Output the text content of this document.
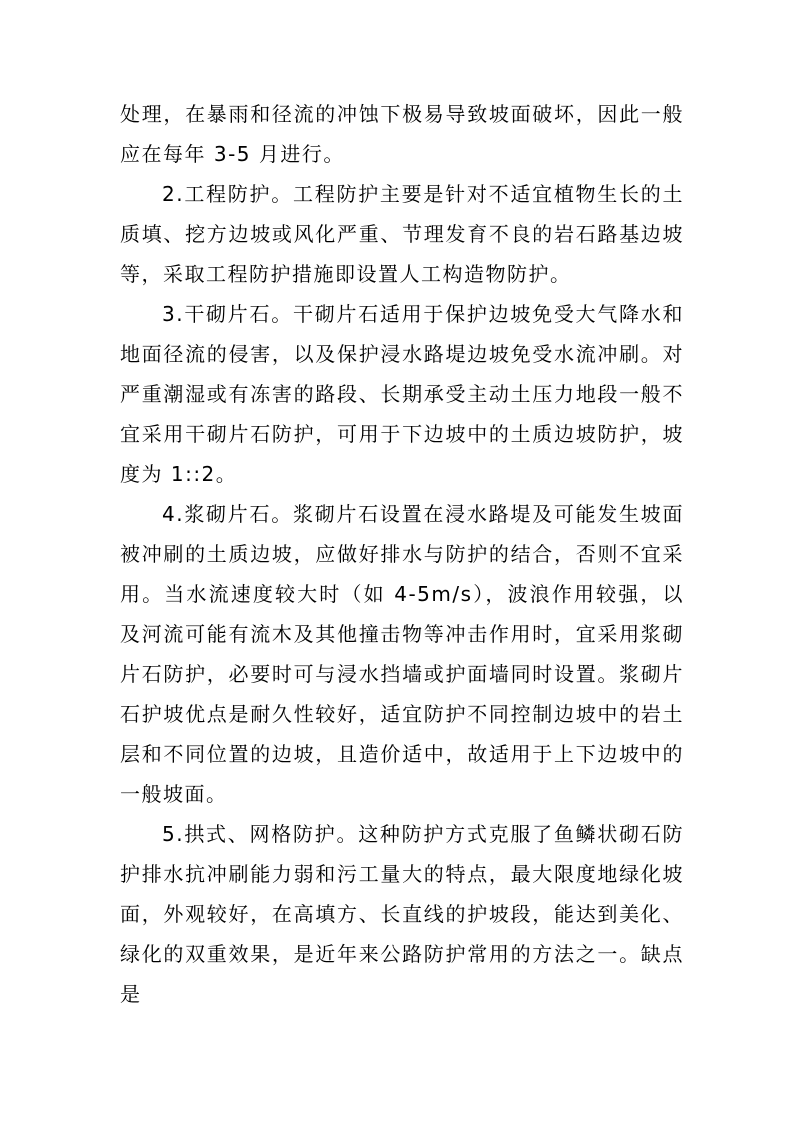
处理，在暴雨和径流的冲蚀下极易导致坡面破坏，因此一般应在每年 3-5 月进行。

2.工程防护。工程防护主要是针对不适宜植物生长的土质填、挖方边坡或风化严重、节理发育不良的岩石路基边坡等，采取工程防护措施即设置人工构造物防护。

3.干砌片石。干砌片石适用于保护边坡免受大气降水和地面径流的侵害，以及保护浸水路堤边坡免受水流冲刷。对严重潮湿或有冻害的路段、长期承受主动土压力地段一般不宜采用干砌片石防护，可用于下边坡中的土质边坡防护，坡度为 1::2。

4.浆砌片石。浆砌片石设置在浸水路堤及可能发生坡面被冲刷的土质边坡，应做好排水与防护的结合，否则不宜采用。当水流速度较大时（如 4-5m/s），波浪作用较强，以及河流可能有流木及其他撞击物等冲击作用时，宜采用浆砌片石防护，必要时可与浸水挡墙或护面墙同时设置。浆砌片石护坡优点是耐久性较好，适宜防护不同控制边坡中的岩土层和不同位置的边坡，且造价适中，故适用于上下边坡中的一般坡面。

5.拱式、网格防护。这种防护方式克服了鱼鳞状砌石防护排水抗冲刷能力弱和污工量大的特点，最大限度地绿化坡面，外观较好，在高填方、长直线的护坡段，能达到美化、绿化的双重效果，是近年来公路防护常用的方法之一。缺点是
